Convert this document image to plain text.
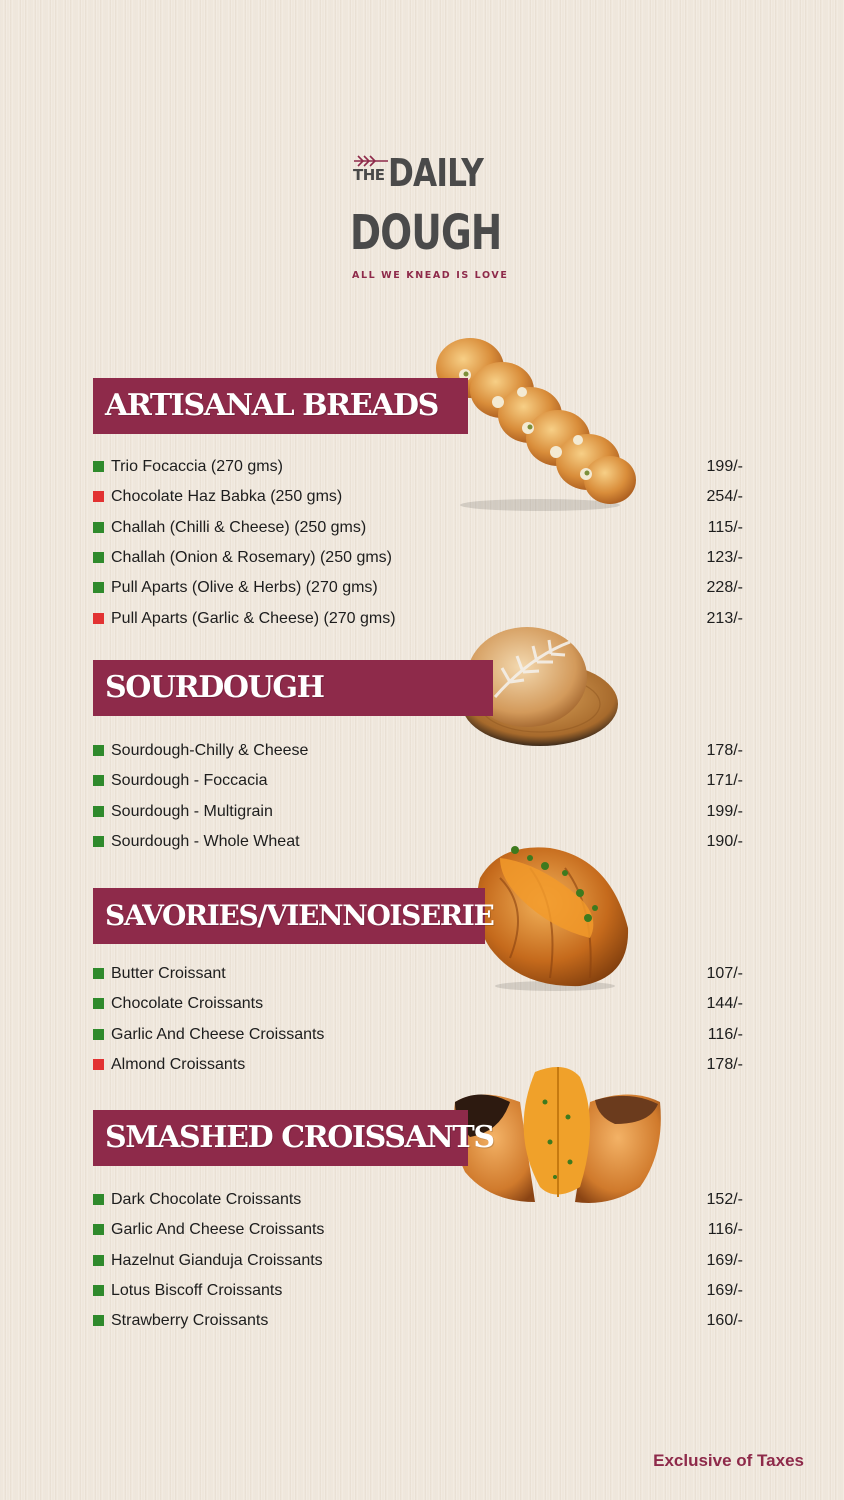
THE DAILY
DOUGH
ALL WE KNEAD IS LOVE
ARTISANAL BREADS
Trio Focaccia (270 gms)	199/-
Chocolate Haz Babka (250 gms)	254/-
Challah (Chilli & Cheese) (250 gms)	115/-
Challah (Onion & Rosemary) (250 gms)	123/-
Pull Aparts (Olive & Herbs) (270 gms)	228/-
Pull Aparts (Garlic & Cheese) (270 gms)	213/-
SOURDOUGH
Sourdough-Chilly & Cheese	178/-
Sourdough - Foccacia	171/-
Sourdough - Multigrain	199/-
Sourdough - Whole Wheat	190/-
SAVORIES/VIENNOISERIE
Butter Croissant	107/-
Chocolate Croissants	144/-
Garlic And Cheese Croissants	116/-
Almond Croissants	178/-
SMASHED CROISSANTS
Dark Chocolate Croissants	152/-
Garlic And Cheese Croissants	116/-
Hazelnut Gianduja Croissants	169/-
Lotus Biscoff Croissants	169/-
Strawberry Croissants	160/-
Exclusive of Taxes
